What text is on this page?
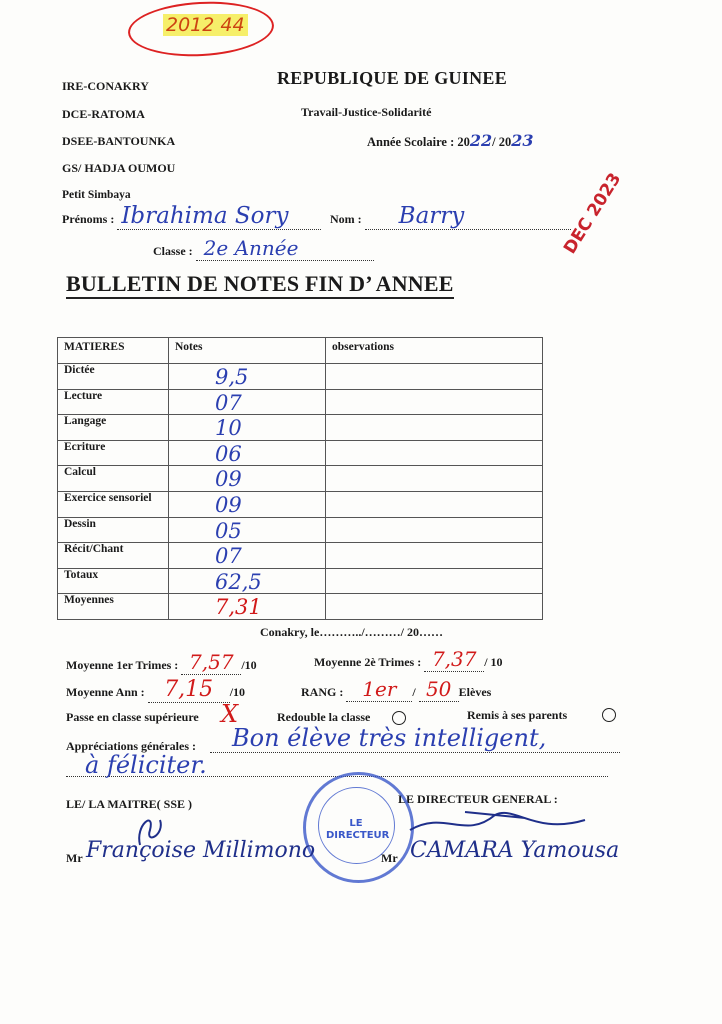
2012 44
IRE-CONAKRY
DCE-RATOMA
DSEE-BANTOUNKA
GS/ HADJA OUMOU
Petit Simbaya
REPUBLIQUE DE GUINEE
Travail-Justice-Solidarité
Année Scolaire : 2022/ 2023
Prénoms : Ibrahima Sory	Nom : Barry
Classe : 2e Année	DEC 2023
BULLETIN DE NOTES FIN D’ ANNEE
MATIERES	Notes	observations
Dictée	9,5	

Lecture	07	

Langage	10	

Ecriture	06	

Calcul	09	

Exercice sensoriel	09	

Dessin	05	

Récit/Chant	07	

Totaux	62,5	

Moyennes	7,31	

Conakry, le………../………/ 20……
Moyenne 1er Trimes : 7,57 /10	Moyenne 2è Trimes : 7,37 / 10
Moyenne Ann : 7,15 /10	RANG : 1er / 50 Elèves
Passe en classe supérieure X	Redouble la classe	Remis à ses parents
Appréciations générales : Bon élève très intelligent,
à féliciter.
LE/ LA MAITRE( SSE )	LE DIRECTEUR GENERAL :
LE DIRECTEUR
Mr Françoise Millimono	Mr CAMARA Yamousa
